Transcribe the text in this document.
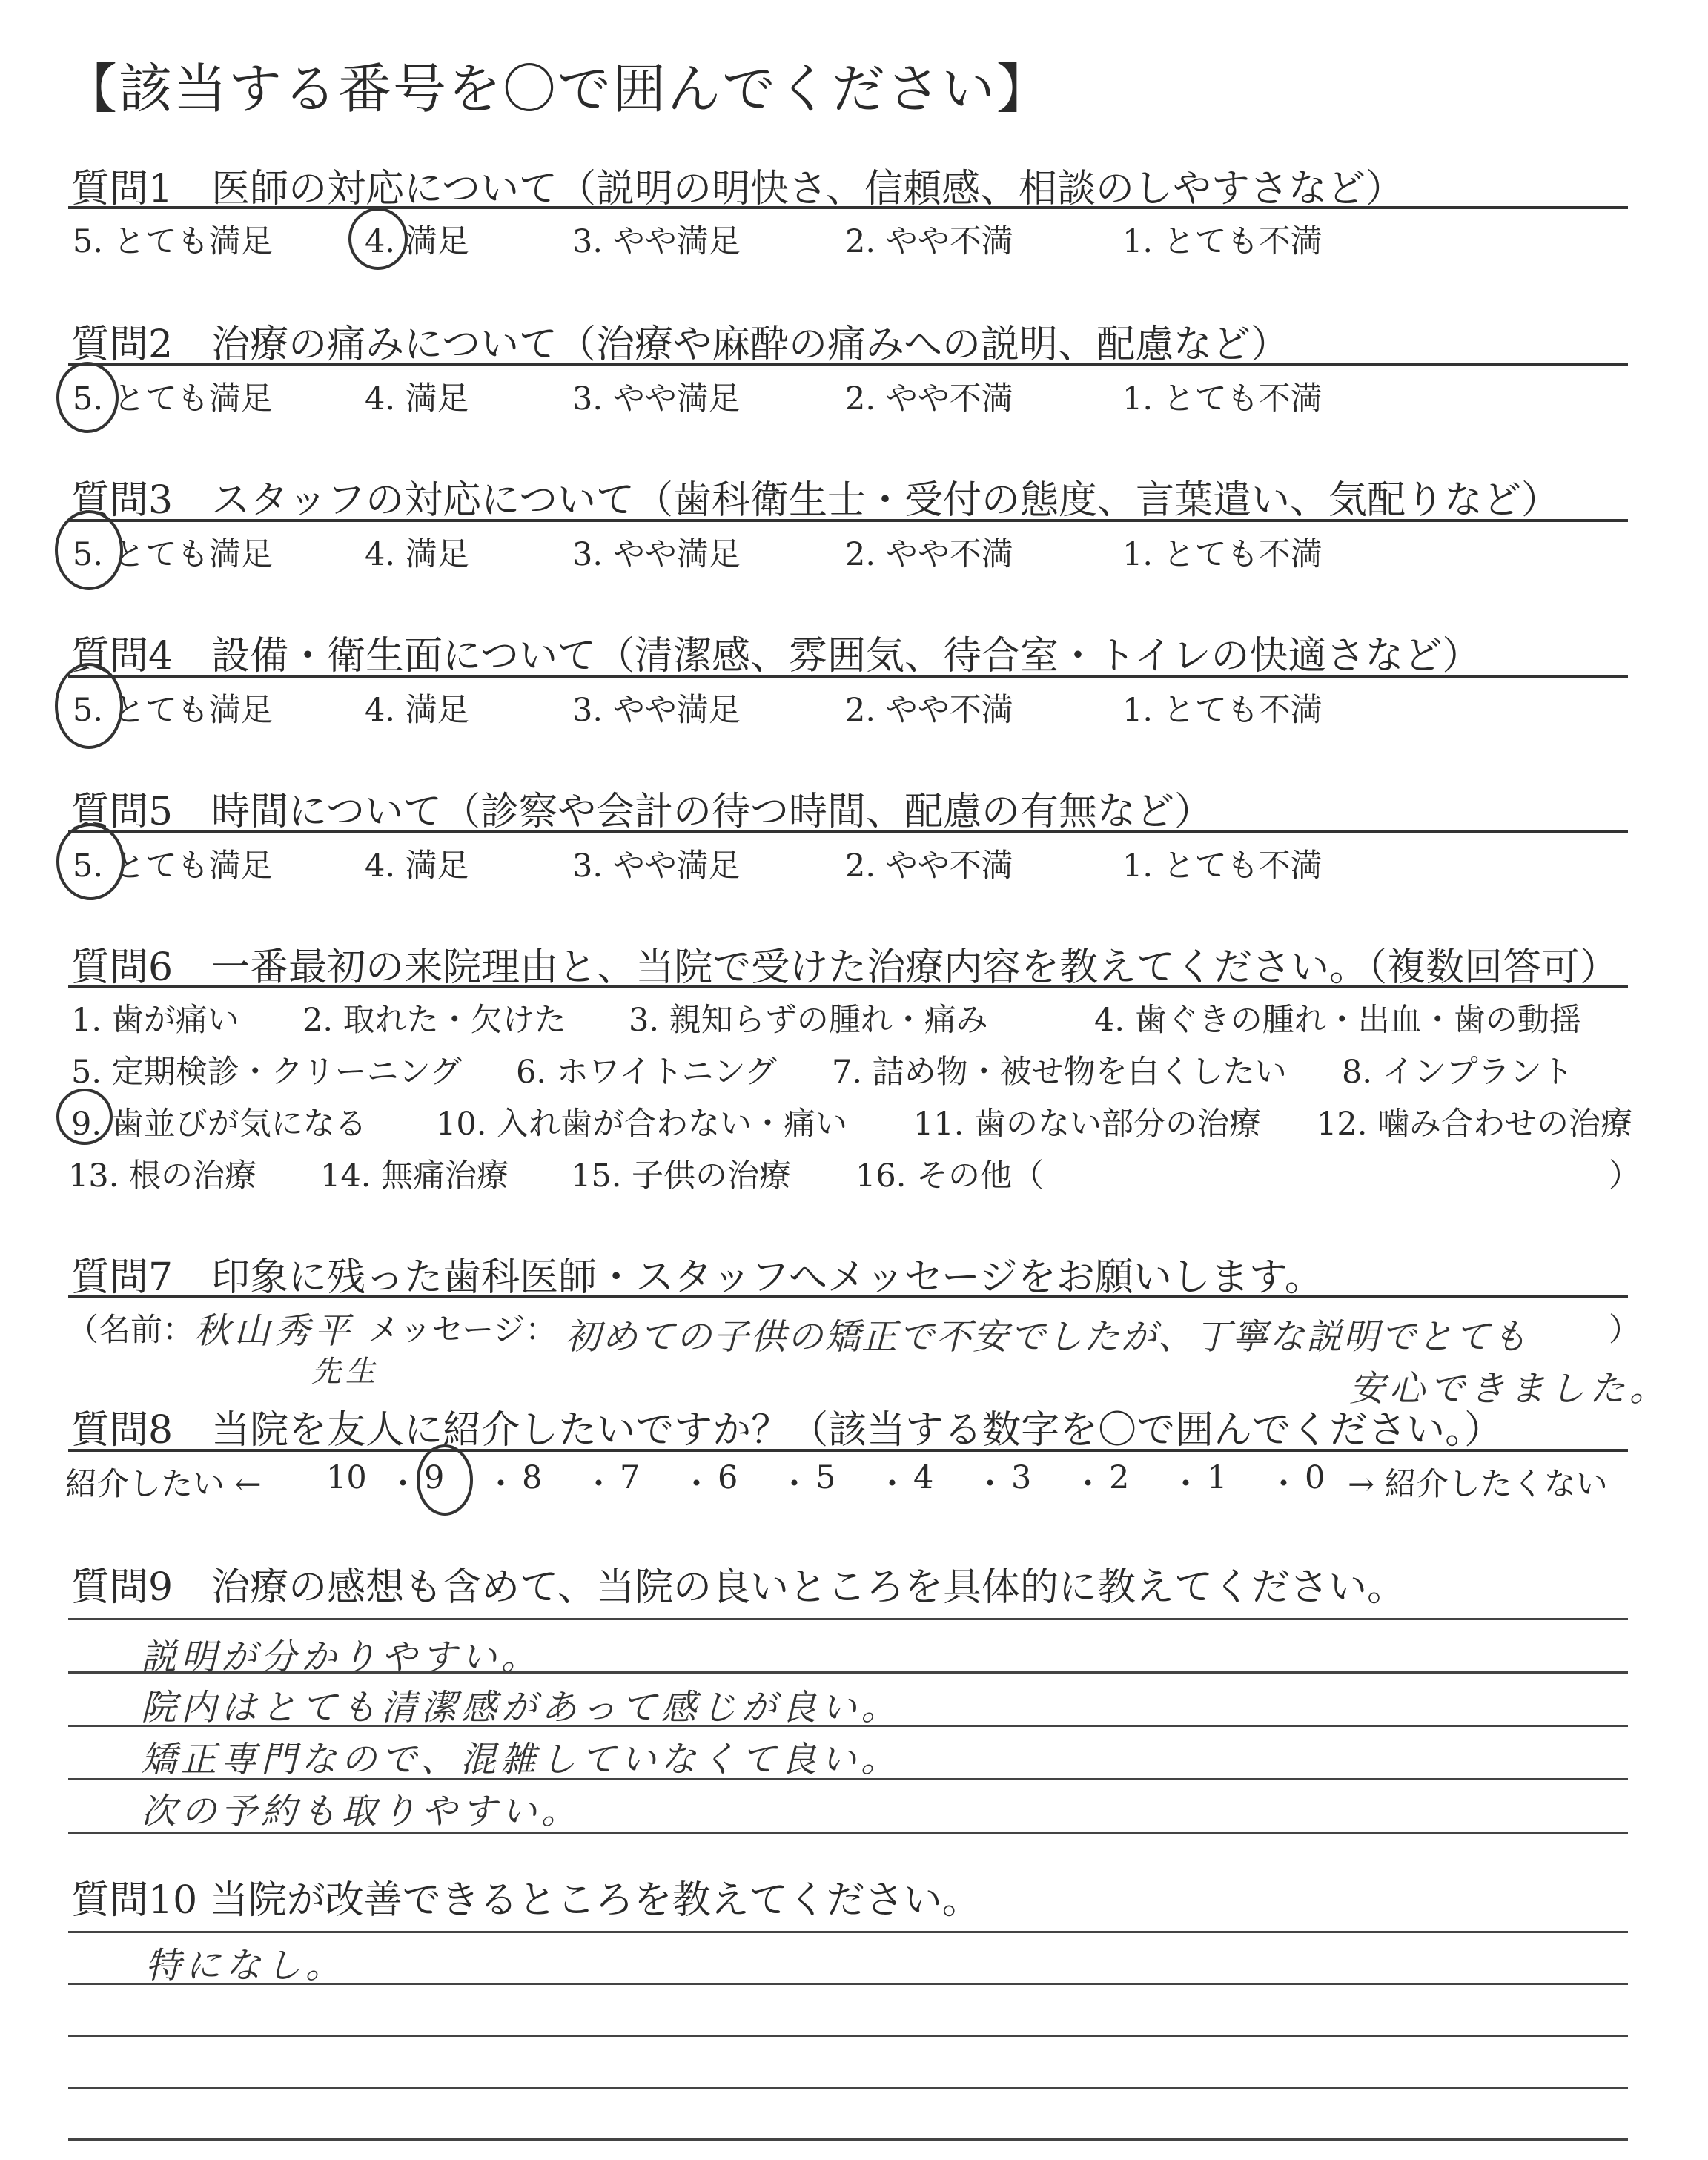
【該当する番号を〇で囲んでください】
質問1　医師の対応について（説明の明快さ、信頼感、相談のしやすさなど）
5. とても満足	4. 満足	3. やや満足	2. やや不満	1. とても不満
質問2　治療の痛みについて（治療や麻酔の痛みへの説明、配慮など）
5. とても満足	4. 満足	3. やや満足	2. やや不満	1. とても不満
質問3　スタッフの対応について（歯科衛生士・受付の態度、言葉遣い、気配りなど）
5. とても満足	4. 満足	3. やや満足	2. やや不満	1. とても不満
質問4　設備・衛生面について（清潔感、雰囲気、待合室・トイレの快適さなど）
5. とても満足	4. 満足	3. やや満足	2. やや不満	1. とても不満
質問5　時間について（診察や会計の待つ時間、配慮の有無など）
5. とても満足	4. 満足	3. やや満足	2. やや不満	1. とても不満
質問6　一番最初の来院理由と、当院で受けた治療内容を教えてください。（複数回答可）
1. 歯が痛い 2. 取れた・欠けた 3. 親知らずの腫れ・痛み	4. 歯ぐきの腫れ・出血・歯の動揺
5. 定期検診・クリーニング 6. ホワイトニング 7. 詰め物・被せ物を白くしたい 8. インプラント
9. 歯並びが気になる 10. 入れ歯が合わない・痛い 11. 歯のない部分の治療 12. 噛み合わせの治療
13. 根の治療 14. 無痛治療 15. 子供の治療 16. その他（	）
質問7　印象に残った歯科医師・スタッフへメッセージをお願いします。
（名前： 秋山秀平
先生
メッセージ： 初めての子供の矯正で不安でしたが、丁寧な説明でとても
安心できました。
）
質問8　当院を友人に紹介したいですか？（該当する数字を〇で囲んでください。）
紹介したい ← 10 ・ 9 ・ 8 ・ 7 ・ 6 ・ 5 ・ 4 ・ 3 ・ 2 ・ 1 ・ 0 → 紹介したくない
質問9　治療の感想も含めて、当院の良いところを具体的に教えてください。
説明が分かりやすい。
院内はとても清潔感があって感じが良い。
矯正専門なので、混雑していなくて良い。
次の予約も取りやすい。
質問10 当院が改善できるところを教えてください。
特になし。
